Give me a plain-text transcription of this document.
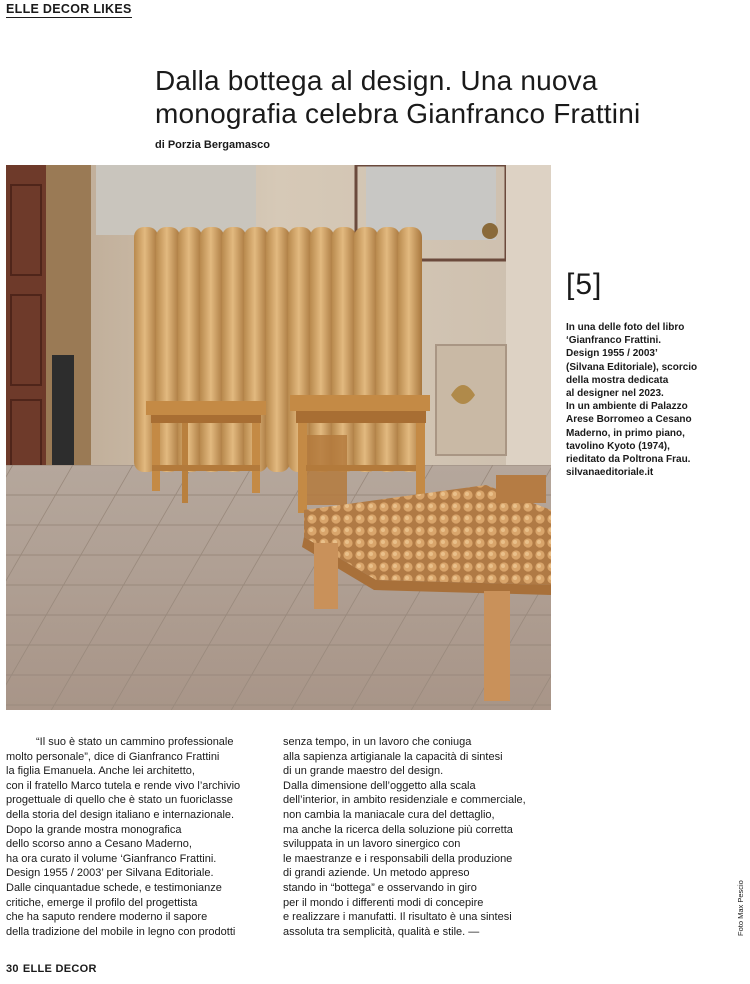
ELLE DECOR LIKES
Dalla bottega al design. Una nuova
monografia celebra Gianfranco Frattini
di Porzia Bergamasco
[5]
In una delle foto del libro
‘Gianfranco Frattini.
Design 1955 / 2003’
(Silvana Editoriale), scorcio
della mostra dedicata
al designer nel 2023.
In un ambiente di Palazzo
Arese Borromeo a Cesano
Maderno, in primo piano,
tavolino Kyoto (1974),
rieditato da Poltrona Frau.
silvanaeditoriale.it
“Il suo è stato un cammino professionale
molto personale”, dice di Gianfranco Frattini
la figlia Emanuela. Anche lei architetto,
con il fratello Marco tutela e rende vivo l’archivio
progettuale di quello che è stato un fuoriclasse
della storia del design italiano e internazionale.
Dopo la grande mostra monografica
dello scorso anno a Cesano Maderno,
ha ora curato il volume ‘Gianfranco Frattini.
Design 1955 / 2003’ per Silvana Editoriale.
Dalle cinquantadue schede, e testimonianze
critiche, emerge il profilo del progettista
che ha saputo rendere moderno il sapore
della tradizione del mobile in legno con prodotti
senza tempo, in un lavoro che coniuga
alla sapienza artigianale la capacità di sintesi
di un grande maestro del design.
Dalla dimensione dell’oggetto alla scala
dell’interior, in ambito residenziale e commerciale,
non cambia la maniacale cura del dettaglio,
ma anche la ricerca della soluzione più corretta
sviluppata in un lavoro sinergico con
le maestranze e i responsabili della produzione
di grandi aziende. Un metodo appreso
stando in “bottega” e osservando in giro
per il mondo i differenti modi di concepire
e realizzare i manufatti. Il risultato è una sintesi
assoluta tra semplicità, qualità e stile. —	Foto Max Pescio
30 ELLE DECOR
